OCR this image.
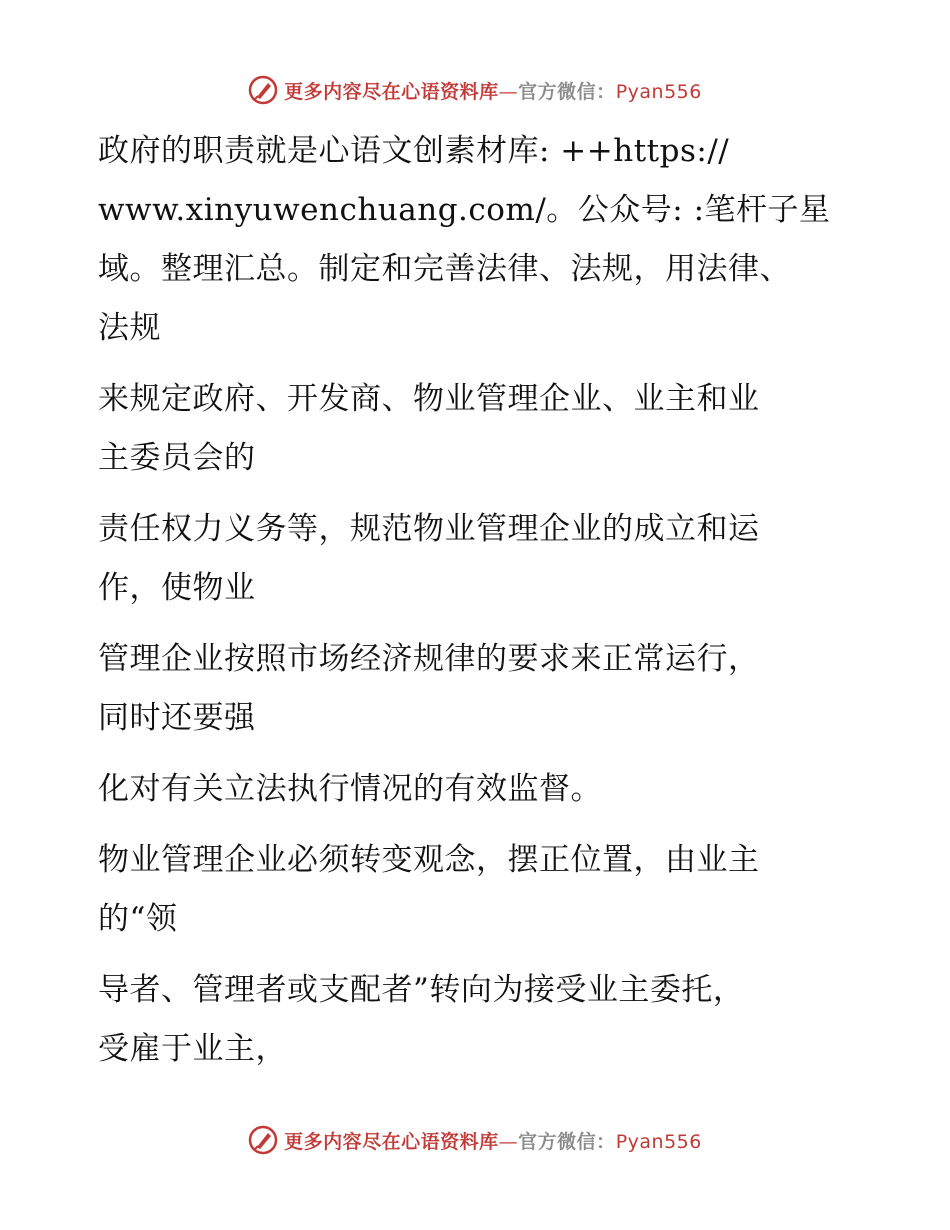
更多内容尽在心语资料库—官方微信：Pyan556

政府的职责就是心语文创素材库: ++https://
www.xinyuwenchuang.com/。公众号: :笔杆子星
域。整理汇总。制定和完善法律、法规，用法律、
法规

来规定政府、开发商、物业管理企业、业主和业
主委员会的

责任权力义务等，规范物业管理企业的成立和运
作，使物业

管理企业按照市场经济规律的要求来正常运行，
同时还要强

化对有关立法执行情况的有效监督。

物业管理企业必须转变观念，摆正位置，由业主
的“领

导者、管理者或支配者”转向为接受业主委托，
受雇于业主，

更多内容尽在心语资料库—官方微信：Pyan556
